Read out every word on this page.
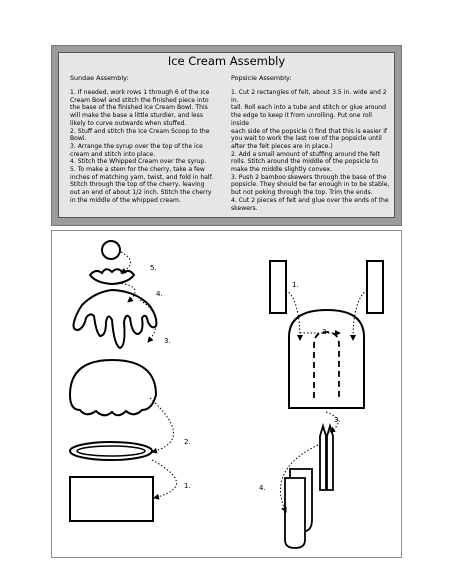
Ice Cream Assembly
Sundae Assembly:
1. If needed, work rows 1 through 6 of the Ice
Cream Bowl and stitch the finished piece into
the base of the finished Ice Cream Bowl. This
will make the base a little sturdier, and less
likely to curve outwards when stuffed.
2. Stuff and stitch the Ice Cream Scoop to the
Bowl.
3. Arrange the syrup over the top of the ice
cream and stitch into place.
4. Stitch the Whipped Cream over the syrup.
5. To make a stem for the cherry, take a few
inches of matching yarn, twist, and fold in half.
Stitch through the top of the cherry, leaving
out an end of about 1/2 inch. Stitch the cherry
in the middle of the whipped cream.
Popsicle Assembly:
1. Cut 2 rectangles of felt, about 3.5 in. wide and 2 in.
tall. Roll each into a tube and stitch or glue around
the edge to keep it from unrolling. Put one roll inside
each side of the popsicle (I find that this is easier if
you wait to work the last row of the popsicle until
after the felt pieces are in place.)
2. Add a small amount of stuffing around the felt
rolls. Stitch around the middle of the popsicle to
make the middle slightly convex.
3. Push 2 bamboo skewers through the base of the
popsicle. They should be far enough in to be stable,
but not poking through the top. Trim the ends.
4. Cut 2 pieces of felt and glue over the ends of the
skewers.
5.
4.
3.
2.
1.
1.
2
3.
4.
